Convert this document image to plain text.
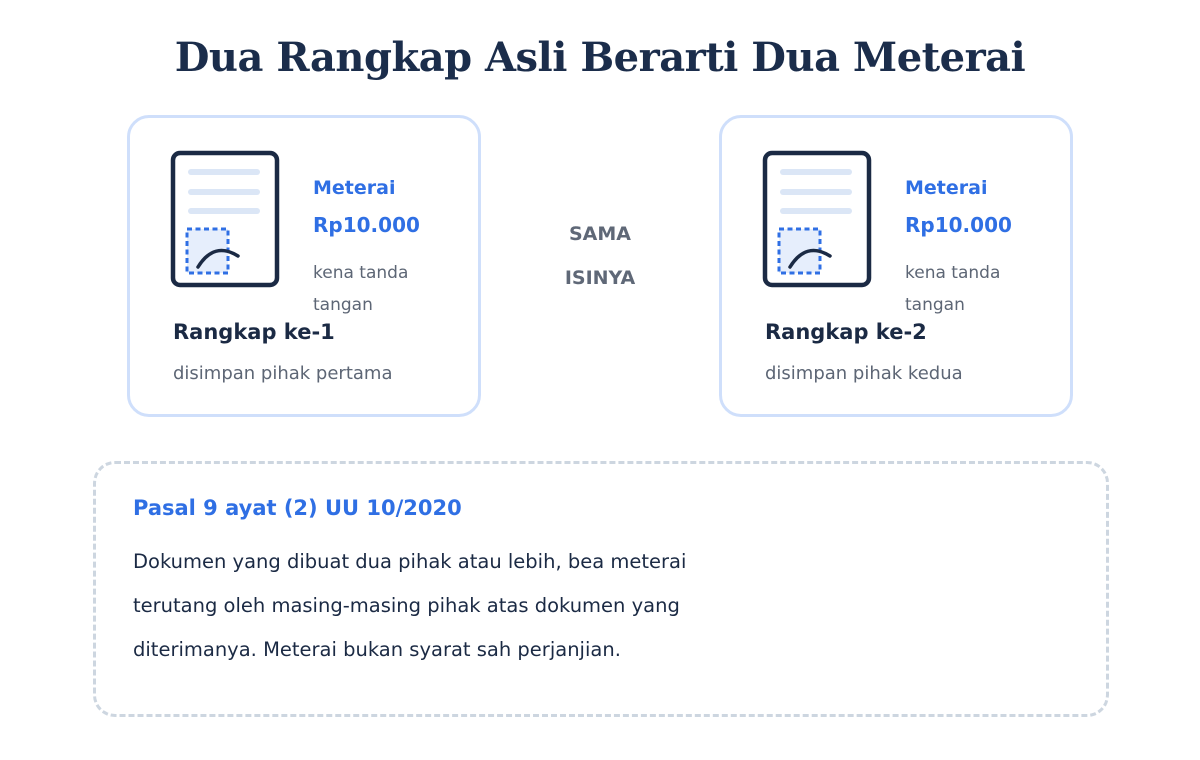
Dua Rangkap Asli Berarti Dua Meterai
Meterai
Rp10.000
kena tanda tangan
Rangkap ke-1
disimpan pihak pertama
SAMA
ISINYA
Meterai
Rp10.000
kena tanda tangan
Rangkap ke-2
disimpan pihak kedua
Pasal 9 ayat (2) UU 10/2020

Dokumen yang dibuat dua pihak atau lebih, bea meterai terutang oleh masing-masing pihak atas dokumen yang diterimanya. Meterai bukan syarat sah perjanjian.
